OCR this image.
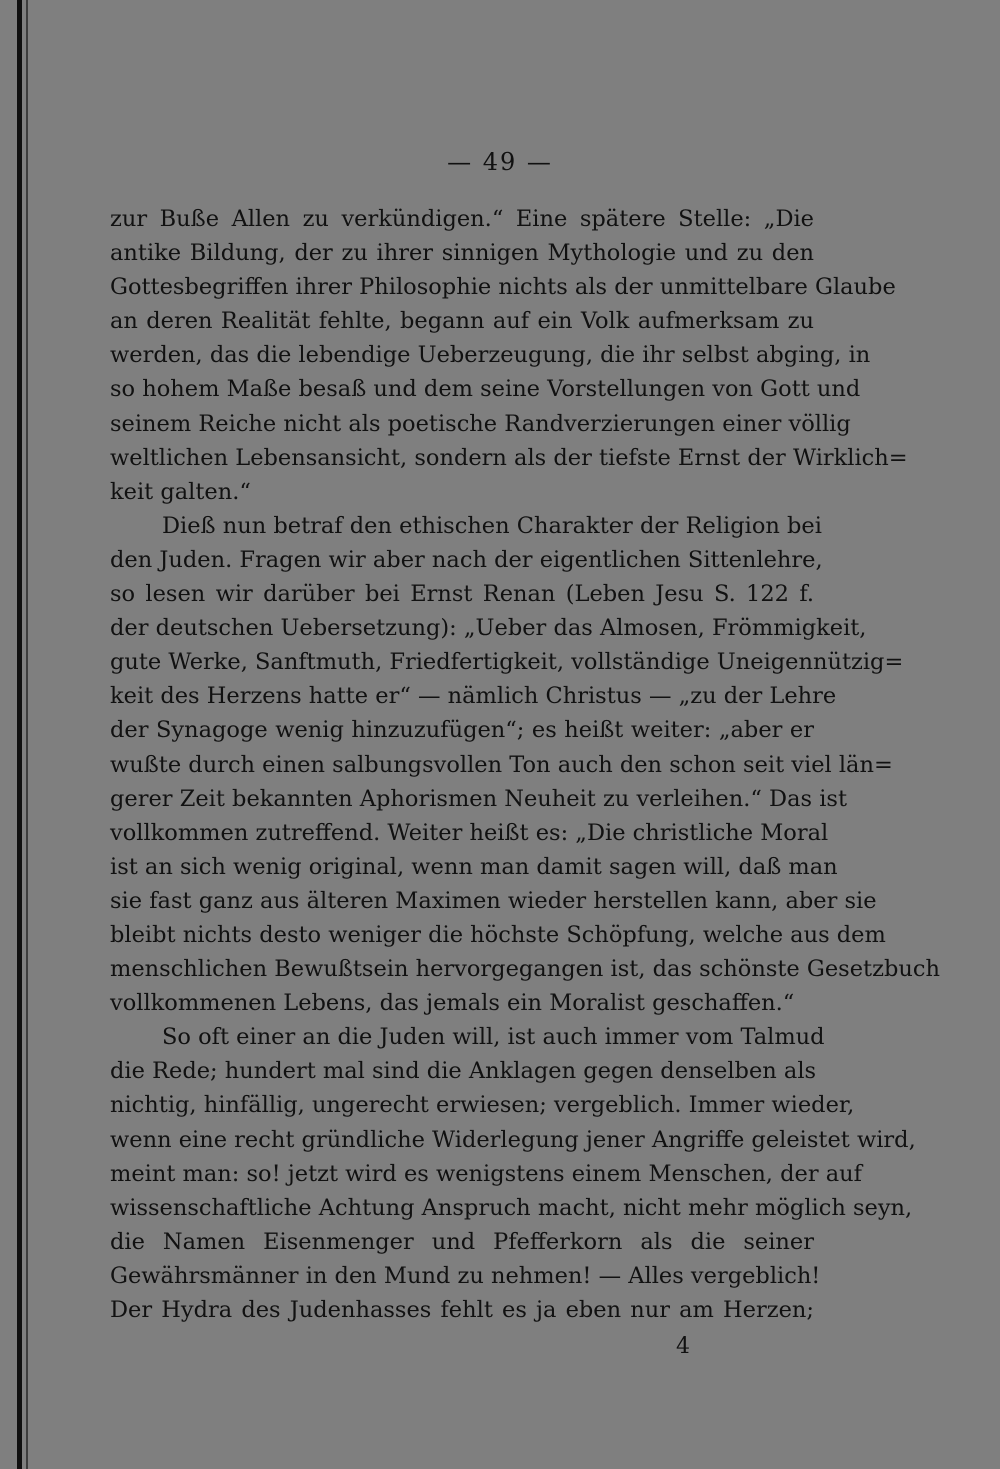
— 49 —
zur Buße Allen zu verkündigen.“ Eine spätere Stelle: „Die
antike Bildung, der zu ihrer sinnigen Mythologie und zu den
Gottesbegriffen ihrer Philosophie nichts als der unmittelbare Glaube
an deren Realität fehlte, begann auf ein Volk aufmerksam zu
werden, das die lebendige Ueberzeugung, die ihr selbst abging, in
so hohem Maße besaß und dem seine Vorstellungen von Gott und
seinem Reiche nicht als poetische Randverzierungen einer völlig
weltlichen Lebensansicht, sondern als der tiefste Ernst der Wirklich=
keit galten.“
Dieß nun betraf den ethischen Charakter der Religion bei
den Juden. Fragen wir aber nach der eigentlichen Sittenlehre,
so lesen wir darüber bei Ernst Renan (Leben Jesu S. 122 f.
der deutschen Uebersetzung): „Ueber das Almosen, Frömmigkeit,
gute Werke, Sanftmuth, Friedfertigkeit, vollständige Uneigennützig=
keit des Herzens hatte er“ — nämlich Christus — „zu der Lehre
der Synagoge wenig hinzuzufügen“; es heißt weiter: „aber er
wußte durch einen salbungsvollen Ton auch den schon seit viel län=
gerer Zeit bekannten Aphorismen Neuheit zu verleihen.“ Das ist
vollkommen zutreffend. Weiter heißt es: „Die christliche Moral
ist an sich wenig original, wenn man damit sagen will, daß man
sie fast ganz aus älteren Maximen wieder herstellen kann, aber sie
bleibt nichts desto weniger die höchste Schöpfung, welche aus dem
menschlichen Bewußtsein hervorgegangen ist, das schönste Gesetzbuch
vollkommenen Lebens, das jemals ein Moralist geschaffen.“
So oft einer an die Juden will, ist auch immer vom Talmud
die Rede; hundert mal sind die Anklagen gegen denselben als
nichtig, hinfällig, ungerecht erwiesen; vergeblich. Immer wieder,
wenn eine recht gründliche Widerlegung jener Angriffe geleistet wird,
meint man: so! jetzt wird es wenigstens einem Menschen, der auf
wissenschaftliche Achtung Anspruch macht, nicht mehr möglich seyn,
die Namen Eisenmenger und Pfefferkorn als die seiner
Gewährsmänner in den Mund zu nehmen! — Alles vergeblich!
Der Hydra des Judenhasses fehlt es ja eben nur am Herzen;
4
